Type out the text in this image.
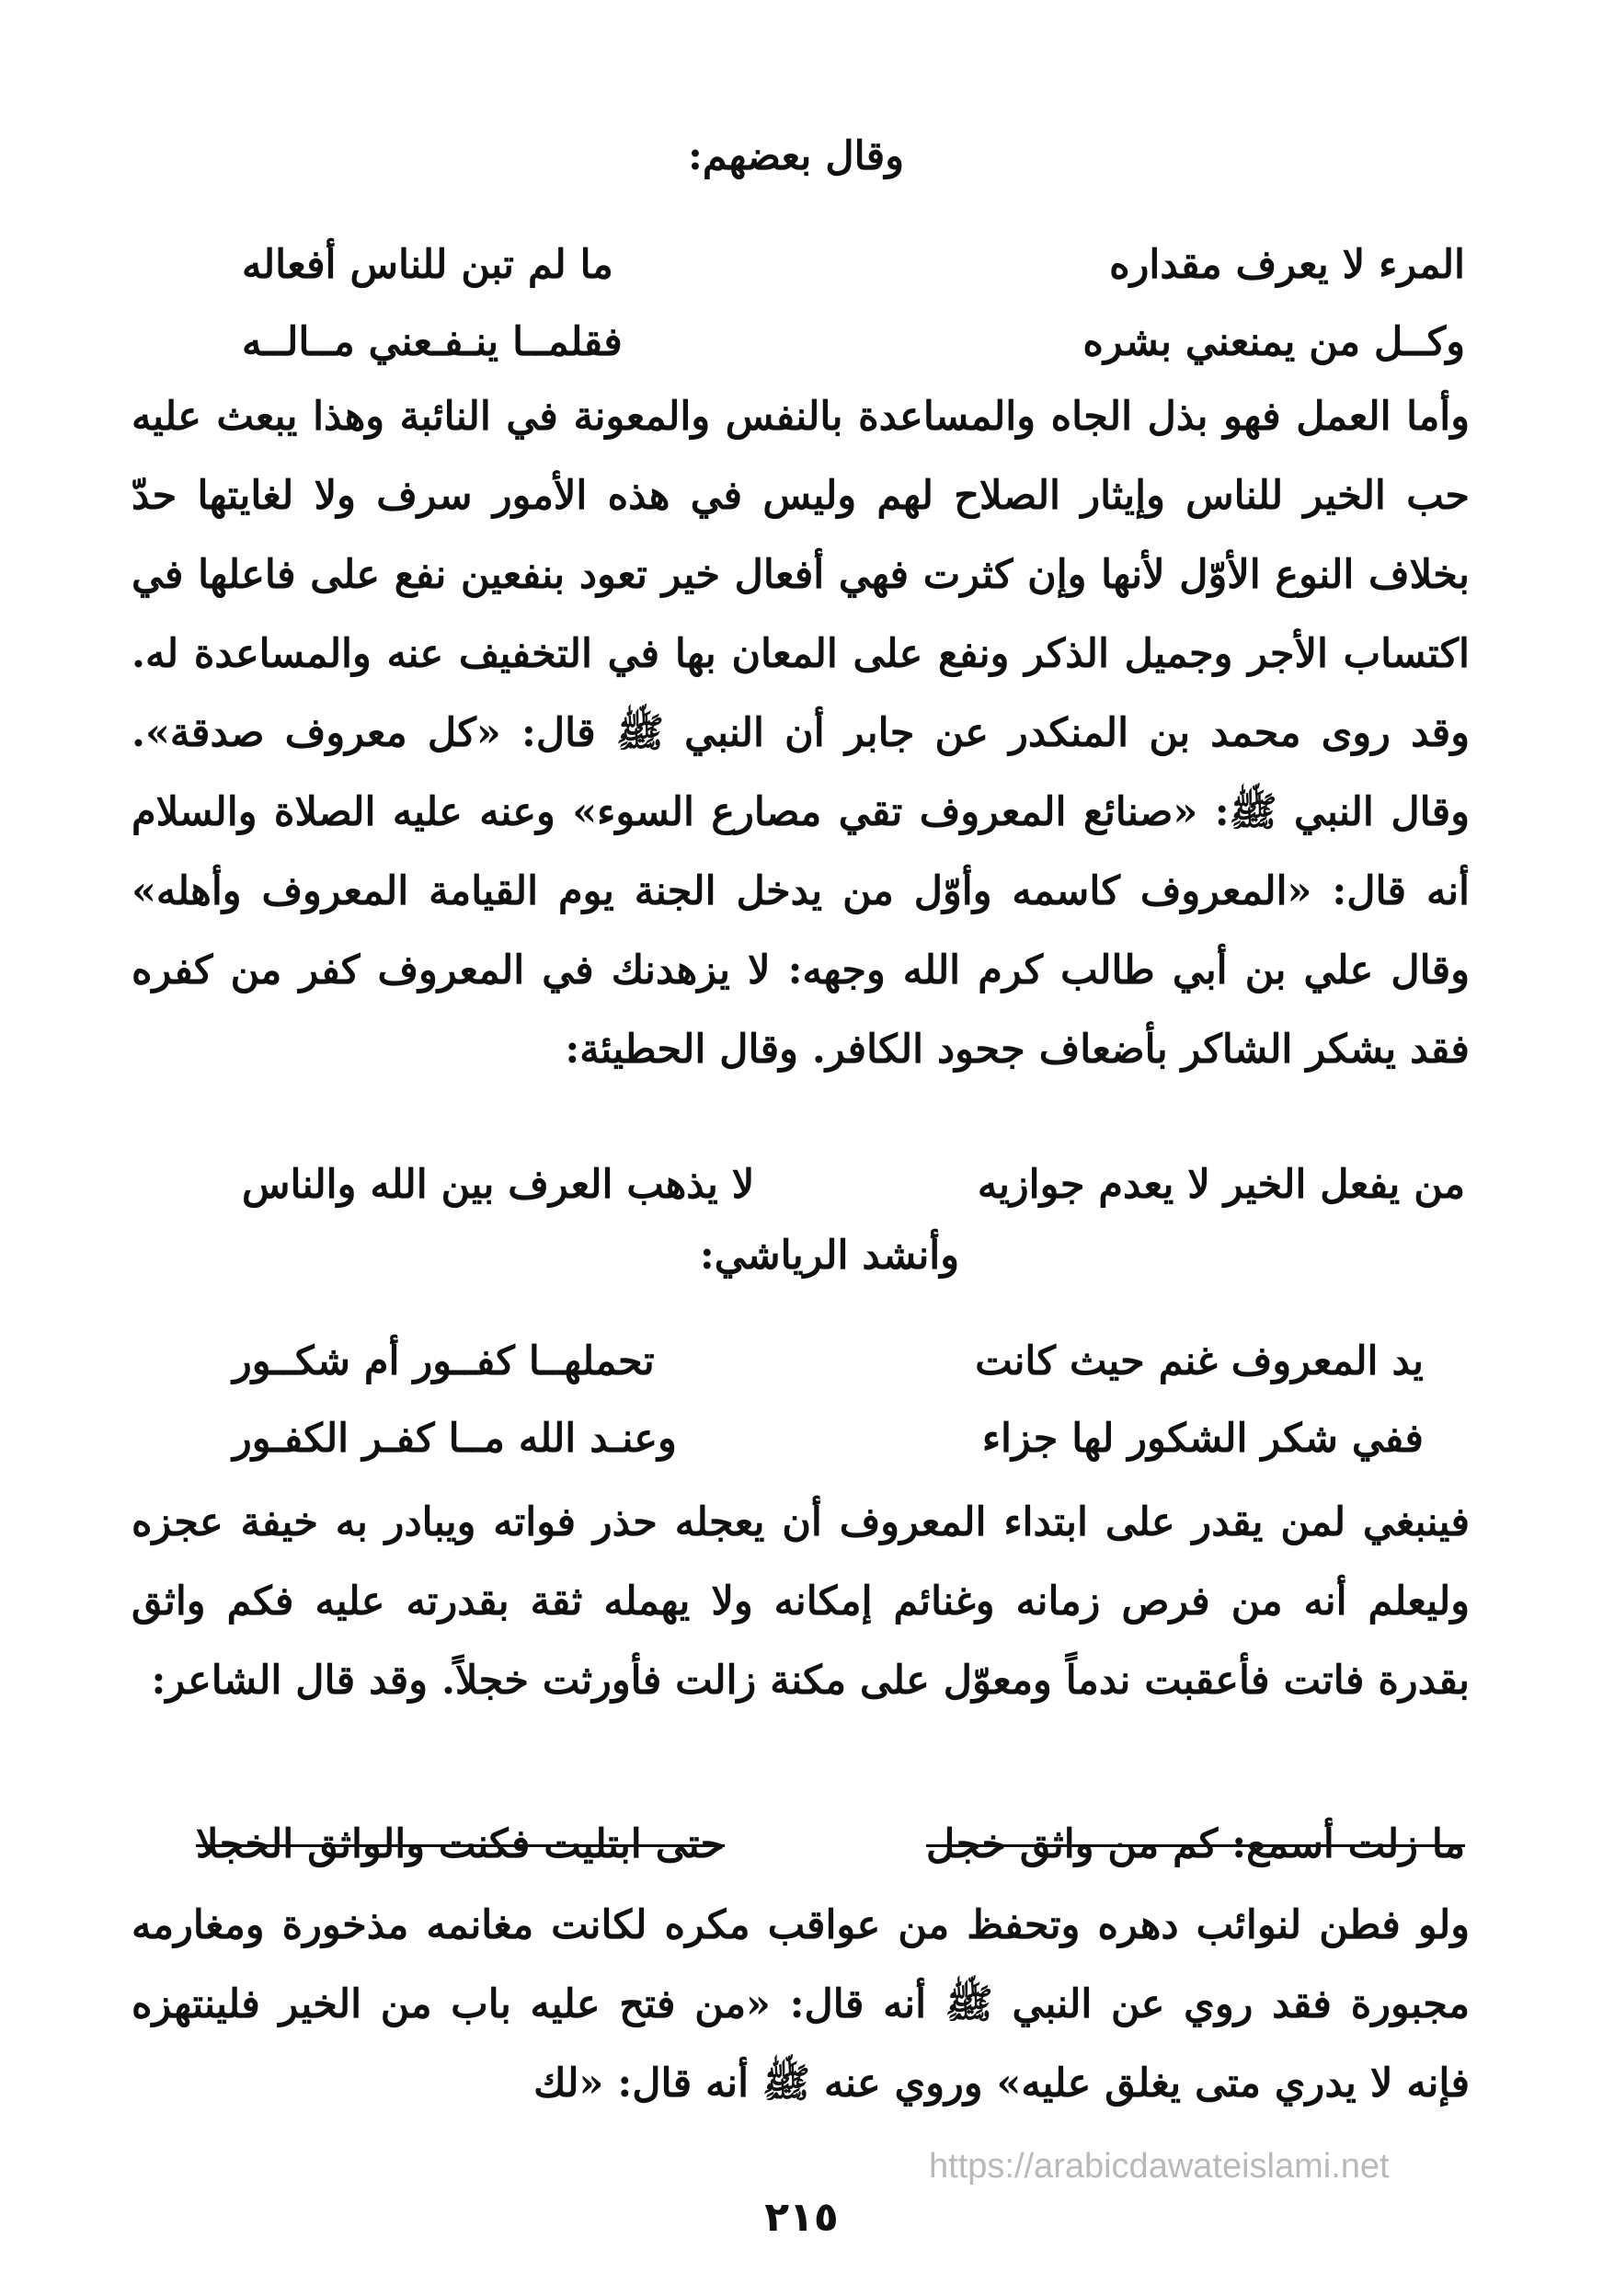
وقال بعضهم:
المرء لا يعرف مقداره
ما لم تبن للناس أفعاله
وكــل من يمنعني بشره
فقلمــا ينـفـعني مــالــه
وأما العمل فهو بذل الجاه والمساعدة بالنفس والمعونة في النائبة وهذا يبعث عليه حب الخير للناس وإيثار الصلاح لهم وليس في هذه الأمور سرف ولا لغايتها حدّ بخلاف النوع الأوّل لأنها وإن كثرت فهي أفعال خير تعود بنفعين نفع على فاعلها في اكتساب الأجر وجميل الذكر ونفع على المعان بها في التخفيف عنه والمساعدة له. وقد روى محمد بن المنكدر عن جابر أن النبي ﷺ قال: «كل معروف صدقة». وقال النبي ﷺ: «صنائع المعروف تقي مصارع السوء» وعنه عليه الصلاة والسلام أنه قال: «المعروف كاسمه وأوّل من يدخل الجنة يوم القيامة المعروف وأهله» وقال علي بن أبي طالب كرم الله وجهه: لا يزهدنك في المعروف كفر من كفره فقد يشكر الشاكر بأضعاف جحود الكافر. وقال الحطيئة:
من يفعل الخير لا يعدم جوازيه
لا يذهب العرف بين الله والناس
وأنشد الرياشي:
يد المعروف غنم حيث كانت
تحملهــا كفــور أم شكــور
ففي شكر الشكور لها جزاء
وعنـد الله مــا كفـر الكفـور
فينبغي لمن يقدر على ابتداء المعروف أن يعجله حذر فواته ويبادر به خيفة عجزه وليعلم أنه من فرص زمانه وغنائم إمكانه ولا يهمله ثقة بقدرته عليه فكم واثق بقدرة فاتت فأعقبت ندماً ومعوّل على مكنة زالت فأورثت خجلاً. وقد قال الشاعر:
ما زلت أسمع: كم من واثق خجل
حتى ابتليت فكنت والواثق الخجلا
ولو فطن لنوائب دهره وتحفظ من عواقب مكره لكانت مغانمه مذخورة ومغارمه مجبورة فقد روي عن النبي ﷺ أنه قال: «من فتح عليه باب من الخير فلينتهزه فإنه لا يدري متى يغلق عليه» وروي عنه ﷺ أنه قال: «لك
https://arabicdawateislami.net
٢١٥
